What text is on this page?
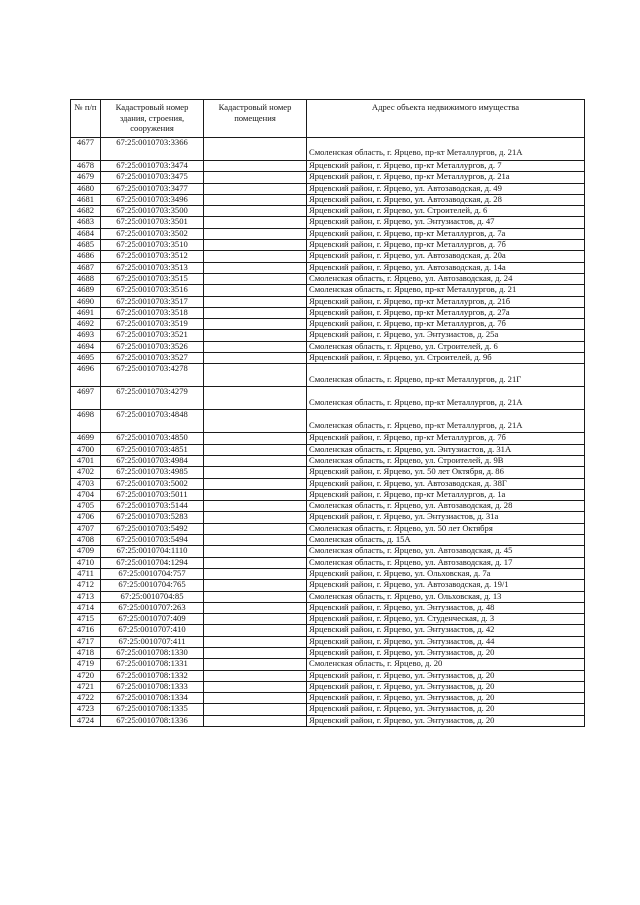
№ п/п	Кадастровый номер здания, строения, сооружения	Кадастровый номер помещения	Адрес объекта недвижимого имущества
4677	67:25:0010703:3366		Смоленская область, г. Ярцево, пр-кт Металлургов, д. 21А
4678	67:25:0010703:3474		Ярцевский район, г. Ярцево, пр-кт Металлургов, д. 7
4679	67:25:0010703:3475		Ярцевский район, г. Ярцево, пр-кт Металлургов, д. 21а
4680	67:25:0010703:3477		Ярцевский район, г. Ярцево, ул. Автозаводская, д. 49
4681	67:25:0010703:3496		Ярцевский район, г. Ярцево, ул. Автозаводская, д. 28
4682	67:25:0010703:3500		Ярцевский район, г. Ярцево, ул. Строителей, д. 6
4683	67:25:0010703:3501		Ярцевский район, г. Ярцево, ул. Энтузиастов, д. 47
4684	67:25:0010703:3502		Ярцевский район, г. Ярцево, пр-кт Металлургов, д. 7а
4685	67:25:0010703:3510		Ярцевский район, г. Ярцево, пр-кт Металлургов, д. 7б
4686	67:25:0010703:3512		Ярцевский район, г. Ярцево, ул. Автозаводская, д. 20а
4687	67:25:0010703:3513		Ярцевский район, г. Ярцево, ул. Автозаводская, д. 14а
4688	67:25:0010703:3515		Смоленская область, г. Ярцево, ул. Автозаводская, д. 24
4689	67:25:0010703:3516		Смоленская область, г. Ярцево, пр-кт Металлургов, д. 21
4690	67:25:0010703:3517		Ярцевский район, г. Ярцево, пр-кт Металлургов, д. 21б
4691	67:25:0010703:3518		Ярцевский район, г. Ярцево, пр-кт Металлургов, д. 27а
4692	67:25:0010703:3519		Ярцевский район, г. Ярцево, пр-кт Металлургов, д. 7б
4693	67:25:0010703:3521		Ярцевский район, г. Ярцево, ул. Энтузиастов, д. 25а
4694	67:25:0010703:3526		Смоленская область, г. Ярцево, ул. Строителей, д. 6
4695	67:25:0010703:3527		Ярцевский район, г. Ярцево, ул. Строителей, д. 9б
4696	67:25:0010703:4278		Смоленская область, г. Ярцево, пр-кт Металлургов, д. 21Г
4697	67:25:0010703:4279		Смоленская область, г. Ярцево, пр-кт Металлургов, д. 21А
4698	67:25:0010703:4848		Смоленская область, г. Ярцево, пр-кт Металлургов, д. 21А
4699	67:25:0010703:4850		Ярцевский район, г. Ярцево, пр-кт Металлургов, д. 7б
4700	67:25:0010703:4851		Смоленская область, г. Ярцево, ул. Энтузиастов, д. 31А
4701	67:25:0010703:4984		Смоленская область, г. Ярцево, ул. Строителей, д. 9В
4702	67:25:0010703:4985		Ярцевский район, г. Ярцево, ул. 50 лет Октября, д. 86
4703	67:25:0010703:5002		Ярцевский район, г. Ярцево, ул. Автозаводская, д. 38Г
4704	67:25:0010703:5011		Ярцевский район, г. Ярцево, пр-кт Металлургов, д. 1а
4705	67:25:0010703:5144		Смоленская область, г. Ярцево, ул. Автозаводская, д. 28
4706	67:25:0010703:5283		Ярцевский район, г. Ярцево, ул. Энтузиастов, д. 31а
4707	67:25:0010703:5492		Смоленская область, г. Ярцево, ул. 50 лет Октября
4708	67:25:0010703:5494		Смоленская область, д. 15А
4709	67:25:0010704:1110		Смоленская область, г. Ярцево, ул. Автозаводская, д. 45
4710	67:25:0010704:1294		Смоленская область, г. Ярцево, ул. Автозаводская, д. 17
4711	67:25:0010704:757		Ярцевский район, г. Ярцево, ул. Ольховская, д. 7а
4712	67:25:0010704:765		Ярцевский район, г. Ярцево, ул. Автозаводская, д. 19/1
4713	67:25:0010704:85		Смоленская область, г. Ярцево, ул. Ольховская, д. 13
4714	67:25:0010707:263		Ярцевский район, г. Ярцево, ул. Энтузиастов, д. 48
4715	67:25:0010707:409		Ярцевский район, г. Ярцево, ул. Студенческая, д. 3
4716	67:25:0010707:410		Ярцевский район, г. Ярцево, ул. Энтузиастов, д. 42
4717	67:25:0010707:411		Ярцевский район, г. Ярцево, ул. Энтузиастов, д. 44
4718	67:25:0010708:1330		Ярцевский район, г. Ярцево, ул. Энтузиастов, д. 20
4719	67:25:0010708:1331		Смоленская область, г. Ярцево, д. 20
4720	67:25:0010708:1332		Ярцевский район, г. Ярцево, ул. Энтузиастов, д. 20
4721	67:25:0010708:1333		Ярцевский район, г. Ярцево, ул. Энтузиастов, д. 20
4722	67:25:0010708:1334		Ярцевский район, г. Ярцево, ул. Энтузиастов, д. 20
4723	67:25:0010708:1335		Ярцевский район, г. Ярцево, ул. Энтузиастов, д. 20
4724	67:25:0010708:1336		Ярцевский район, г. Ярцево, ул. Энтузиастов, д. 20
